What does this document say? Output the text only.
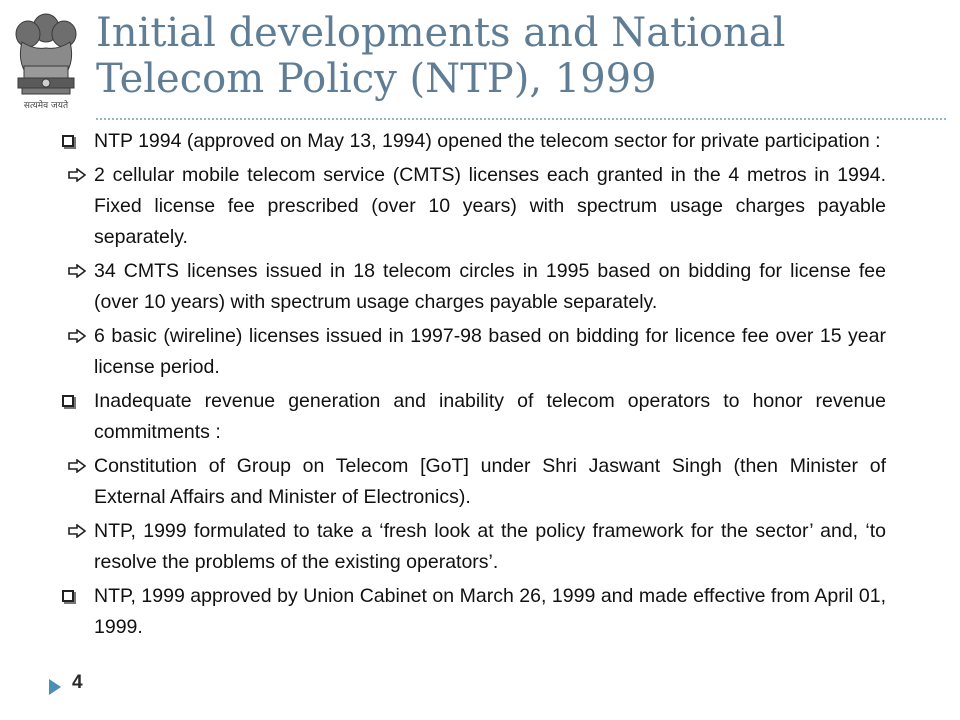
सत्यमेव जयते
Initial developments and National Telecom Policy (NTP), 1999
NTP 1994 (approved on May 13, 1994) opened the telecom sector for private participation :
2 cellular mobile telecom service (CMTS) licenses each granted in the 4 metros in 1994. Fixed license fee prescribed (over 10 years) with spectrum usage charges payable separately.
34 CMTS licenses issued in 18 telecom circles in 1995 based on bidding for license fee (over 10 years) with spectrum usage charges payable separately.
6 basic (wireline) licenses issued in 1997-98 based on bidding for licence fee over 15 year license period.
Inadequate revenue generation and inability of telecom operators to honor revenue commitments :
Constitution of Group on Telecom [GoT] under Shri Jaswant Singh (then Minister of External Affairs and Minister of Electronics).
NTP, 1999 formulated to take a ‘fresh look at the policy framework for the sector’ and, ‘to resolve the problems of the existing operators’.
NTP, 1999 approved by Union Cabinet on March 26, 1999 and made effective from April 01, 1999.
4
